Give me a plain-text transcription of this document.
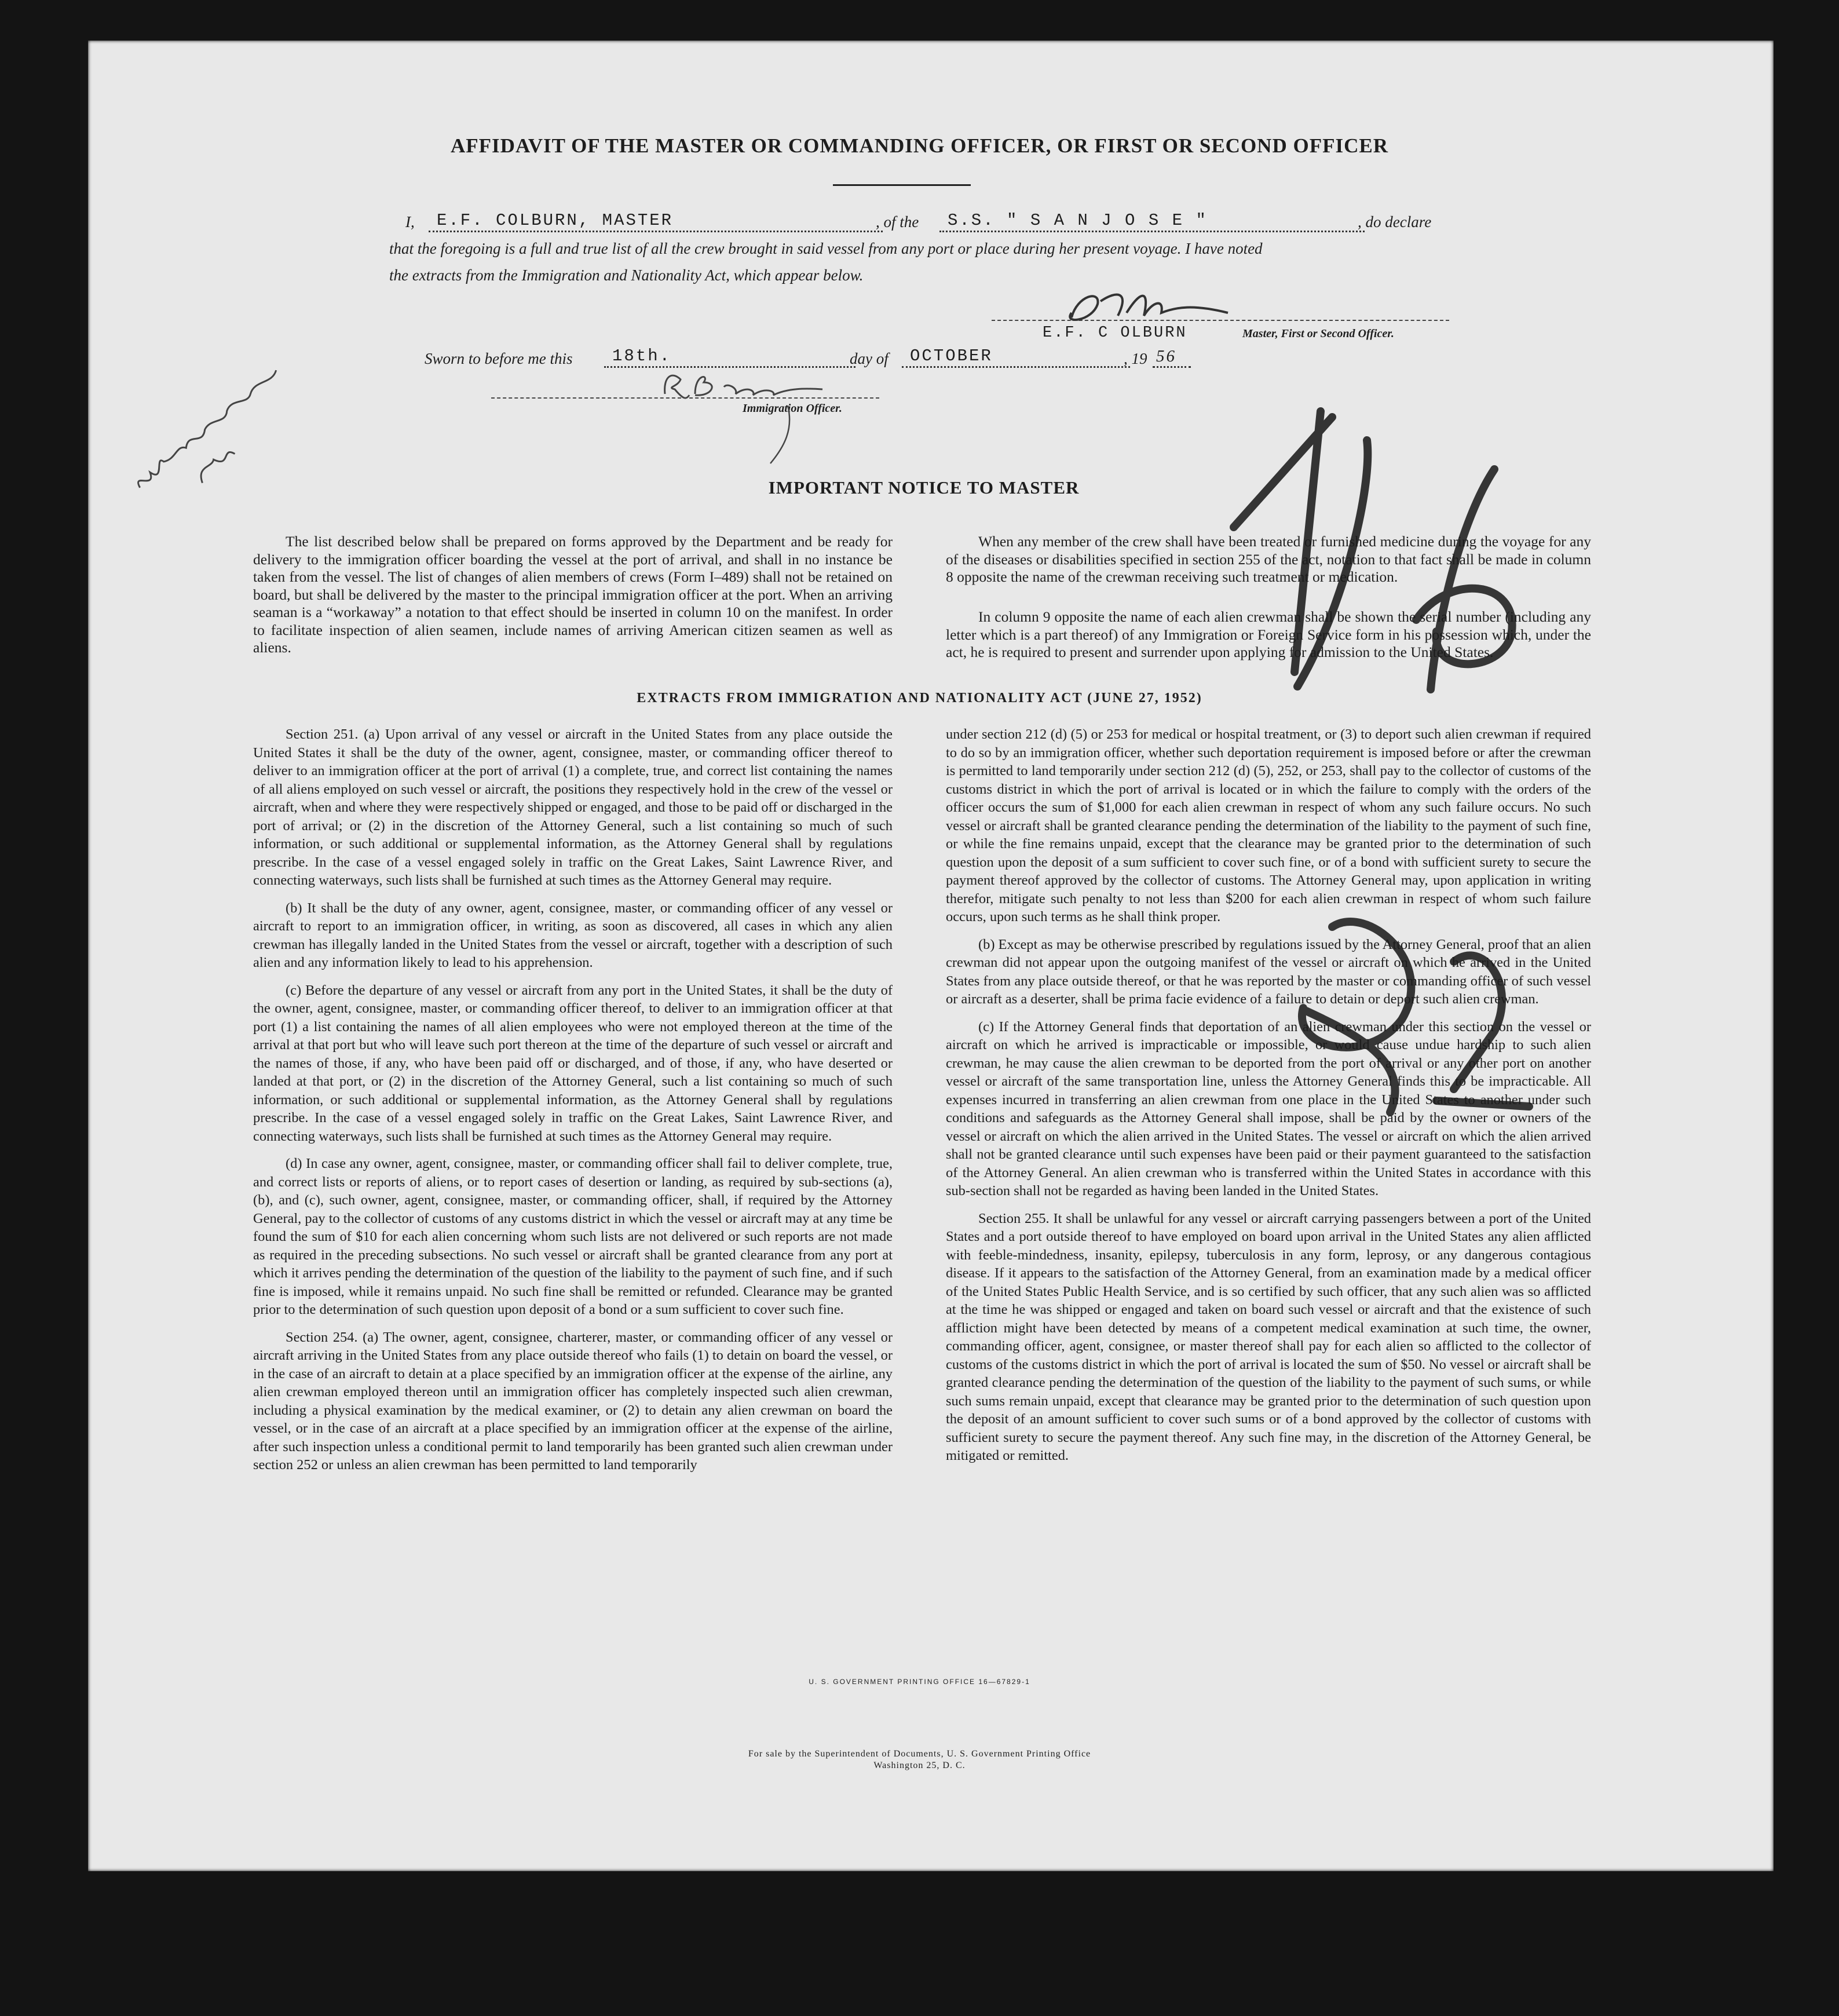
AFFIDAVIT OF THE MASTER OR COMMANDING OFFICER, OR FIRST OR SECOND OFFICER
I,	E.F. COLBURN, MASTER	, of the	S.S. " S A N J O S E "	, do declare
that the foregoing is a full and true list of all the crew brought in said vessel from any port or place during her present voyage. I have noted
the extracts from the Immigration and Nationality Act, which appear below.
E.F. C OLBURN	Master, First or Second Officer.
Sworn to before me this	18th.	day of	OCTOBER	, 19 56
Immigration Officer.
IMPORTANT NOTICE TO MASTER

The list described below shall be prepared on forms approved by the Department and be ready for delivery to the immigration officer boarding the vessel at the port of arrival, and shall in no instance be taken from the vessel. The list of changes of alien members of crews (Form I–489) shall not be retained on board, but shall be delivered by the master to the principal immigration officer at the port. When an arriving seaman is a “workaway” a notation to that effect should be inserted in column 10 on the manifest. In order to facilitate inspection of alien seamen, include names of arriving American citizen seamen as well as aliens.

When any member of the crew shall have been treated or furnished medicine during the voyage for any of the diseases or disabilities specified in section 255 of the act, notation to that fact shall be made in column 8 opposite the name of the crewman receiving such treatment or medication.

In column 9 opposite the name of each alien crewman shall be shown the serial number (including any letter which is a part thereof) of any Immigration or Foreign Service form in his possession which, under the act, he is required to present and surrender upon applying for admission to the United States.

EXTRACTS FROM IMMIGRATION AND NATIONALITY ACT (JUNE 27, 1952)

Section 251. (a) Upon arrival of any vessel or aircraft in the United States from any place outside the United States it shall be the duty of the owner, agent, consignee, master, or commanding officer thereof to deliver to an immigration officer at the port of arrival (1) a complete, true, and correct list containing the names of all aliens employed on such vessel or aircraft, the positions they respectively hold in the crew of the vessel or aircraft, when and where they were respectively shipped or engaged, and those to be paid off or discharged in the port of arrival; or (2) in the discretion of the Attorney General, such a list containing so much of such information, or such additional or supplemental information, as the Attorney General shall by regulations prescribe. In the case of a vessel engaged solely in traffic on the Great Lakes, Saint Lawrence River, and connecting waterways, such lists shall be furnished at such times as the Attorney General may require.

(b) It shall be the duty of any owner, agent, consignee, master, or commanding officer of any vessel or aircraft to report to an immigration officer, in writing, as soon as discovered, all cases in which any alien crewman has illegally landed in the United States from the vessel or aircraft, together with a description of such alien and any information likely to lead to his apprehension.

(c) Before the departure of any vessel or aircraft from any port in the United States, it shall be the duty of the owner, agent, consignee, master, or commanding officer thereof, to deliver to an immigration officer at that port (1) a list containing the names of all alien employees who were not employed thereon at the time of the arrival at that port but who will leave such port thereon at the time of the departure of such vessel or aircraft and the names of those, if any, who have been paid off or discharged, and of those, if any, who have deserted or landed at that port, or (2) in the discretion of the Attorney General, such a list containing so much of such information, or such additional or supplemental information, as the Attorney General shall by regulations prescribe. In the case of a vessel engaged solely in traffic on the Great Lakes, Saint Lawrence River, and connecting waterways, such lists shall be furnished at such times as the Attorney General may require.

(d) In case any owner, agent, consignee, master, or commanding officer shall fail to deliver complete, true, and correct lists or reports of aliens, or to report cases of desertion or landing, as required by sub-sections (a), (b), and (c), such owner, agent, consignee, master, or commanding officer, shall, if required by the Attorney General, pay to the collector of customs of any customs district in which the vessel or aircraft may at any time be found the sum of $10 for each alien concerning whom such lists are not delivered or such reports are not made as required in the preceding subsections. No such vessel or aircraft shall be granted clearance from any port at which it arrives pending the determination of the question of the liability to the payment of such fine, and if such fine is imposed, while it remains unpaid. No such fine shall be remitted or refunded. Clearance may be granted prior to the determination of such question upon deposit of a bond or a sum sufficient to cover such fine.

Section 254. (a) The owner, agent, consignee, charterer, master, or commanding officer of any vessel or aircraft arriving in the United States from any place outside thereof who fails (1) to detain on board the vessel, or in the case of an aircraft to detain at a place specified by an immigration officer at the expense of the airline, any alien crewman employed thereon until an immigration officer has completely inspected such alien crewman, including a physical examination by the medical examiner, or (2) to detain any alien crewman on board the vessel, or in the case of an aircraft at a place specified by an immigration officer at the expense of the airline, after such inspection unless a conditional permit to land temporarily has been granted such alien crewman under section 252 or unless an alien crewman has been permitted to land temporarily

under section 212 (d) (5) or 253 for medical or hospital treatment, or (3) to deport such alien crewman if required to do so by an immigration officer, whether such deportation requirement is imposed before or after the crewman is permitted to land temporarily under section 212 (d) (5), 252, or 253, shall pay to the collector of customs of the customs district in which the port of arrival is located or in which the failure to comply with the orders of the officer occurs the sum of $1,000 for each alien crewman in respect of whom any such failure occurs. No such vessel or aircraft shall be granted clearance pending the determination of the liability to the payment of such fine, or while the fine remains unpaid, except that the clearance may be granted prior to the determination of such question upon the deposit of a sum sufficient to cover such fine, or of a bond with sufficient surety to secure the payment thereof approved by the collector of customs. The Attorney General may, upon application in writing therefor, mitigate such penalty to not less than $200 for each alien crewman in respect of whom such failure occurs, upon such terms as he shall think proper.

(b) Except as may be otherwise prescribed by regulations issued by the Attorney General, proof that an alien crewman did not appear upon the outgoing manifest of the vessel or aircraft on which he arrived in the United States from any place outside thereof, or that he was reported by the master or commanding officer of such vessel or aircraft as a deserter, shall be prima facie evidence of a failure to detain or deport such alien crewman.

(c) If the Attorney General finds that deportation of an alien crewman under this section on the vessel or aircraft on which he arrived is impracticable or impossible, or would cause undue hardship to such alien crewman, he may cause the alien crewman to be deported from the port of arrival or any other port on another vessel or aircraft of the same transportation line, unless the Attorney General finds this to be impracticable. All expenses incurred in transferring an alien crewman from one place in the United States to another under such conditions and safeguards as the Attorney General shall impose, shall be paid by the owner or owners of the vessel or aircraft on which the alien arrived in the United States. The vessel or aircraft on which the alien arrived shall not be granted clearance until such expenses have been paid or their payment guaranteed to the satisfaction of the Attorney General. An alien crewman who is transferred within the United States in accordance with this sub-section shall not be regarded as having been landed in the United States.

Section 255. It shall be unlawful for any vessel or aircraft carrying passengers between a port of the United States and a port outside thereof to have employed on board upon arrival in the United States any alien afflicted with feeble-mindedness, insanity, epilepsy, tuberculosis in any form, leprosy, or any dangerous contagious disease. If it appears to the satisfaction of the Attorney General, from an examination made by a medical officer of the United States Public Health Service, and is so certified by such officer, that any such alien was so afflicted at the time he was shipped or engaged and taken on board such vessel or aircraft and that the existence of such affliction might have been detected by means of a competent medical examination at such time, the owner, commanding officer, agent, consignee, or master thereof shall pay for each alien so afflicted to the collector of customs of the customs district in which the port of arrival is located the sum of $50. No vessel or aircraft shall be granted clearance pending the determination of the question of the liability to the payment of such sums, or while such sums remain unpaid, except that clearance may be granted prior to the determination of such question upon the deposit of an amount sufficient to cover such sums or of a bond approved by the collector of customs with sufficient surety to secure the payment thereof. Any such fine may, in the discretion of the Attorney General, be mitigated or remitted.

U. S. GOVERNMENT PRINTING OFFICE 16—67829-1
For sale by the Superintendent of Documents, U. S. Government Printing Office
Washington 25, D. C.
